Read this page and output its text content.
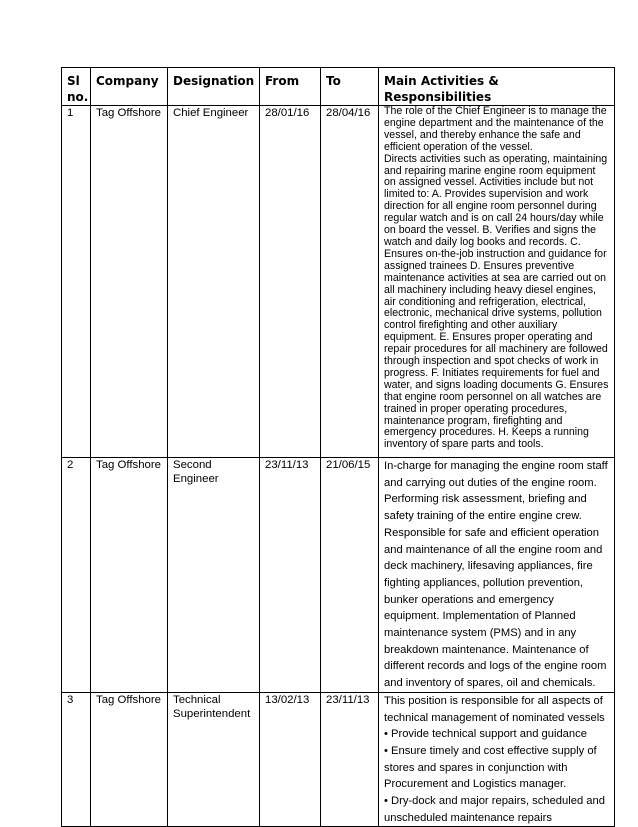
Sl no.	Company	Designation	From	To	Main Activities & Responsibilities
1	Tag Offshore	Chief Engineer	28/01/16	28/04/16	The role of the Chief Engineer is to manage the engine department and the maintenance of the vessel, and thereby enhance the safe and efficient operation of the vessel.
Directs activities such as operating, maintaining and repairing marine engine room equipment on assigned vessel. Activities include but not limited to: A. Provides supervision and work direction for all engine room personnel during regular watch and is on call 24 hours/day while on board the vessel. B. Verifies and signs the watch and daily log books and records. C. Ensures on-the-job instruction and guidance for assigned trainees D. Ensures preventive maintenance activities at sea are carried out on all machinery including heavy diesel engines, air conditioning and refrigeration, electrical, electronic, mechanical drive systems, pollution control firefighting and other auxiliary equipment. E. Ensures proper operating and repair procedures for all machinery are followed through inspection and spot checks of work in progress. F. Initiates requirements for fuel and water, and signs loading documents G. Ensures that engine room personnel on all watches are trained in proper operating procedures, maintenance program, firefighting and emergency procedures. H. Keeps a running inventory of spare parts and tools.

2	Tag Offshore	Second Engineer	23/11/13	21/06/15	In-charge for managing the engine room staff and carrying out duties of the engine room. Performing risk assessment, briefing and safety training of the entire engine crew. Responsible for safe and efficient operation and maintenance of all the engine room and deck machinery, lifesaving appliances, fire fighting appliances, pollution prevention, bunker operations and emergency equipment. Implementation of Planned maintenance system (PMS) and in any breakdown maintenance. Maintenance of different records and logs of the engine room and inventory of spares, oil and chemicals.

3	Tag Offshore	Technical Superintendent	13/02/13	23/11/13	This position is responsible for all aspects of technical management of nominated vessels
• Provide technical support and guidance
• Ensure timely and cost effective supply of stores and spares in conjunction with Procurement and Logistics manager.
• Dry-dock and major repairs, scheduled and unscheduled maintenance repairs
